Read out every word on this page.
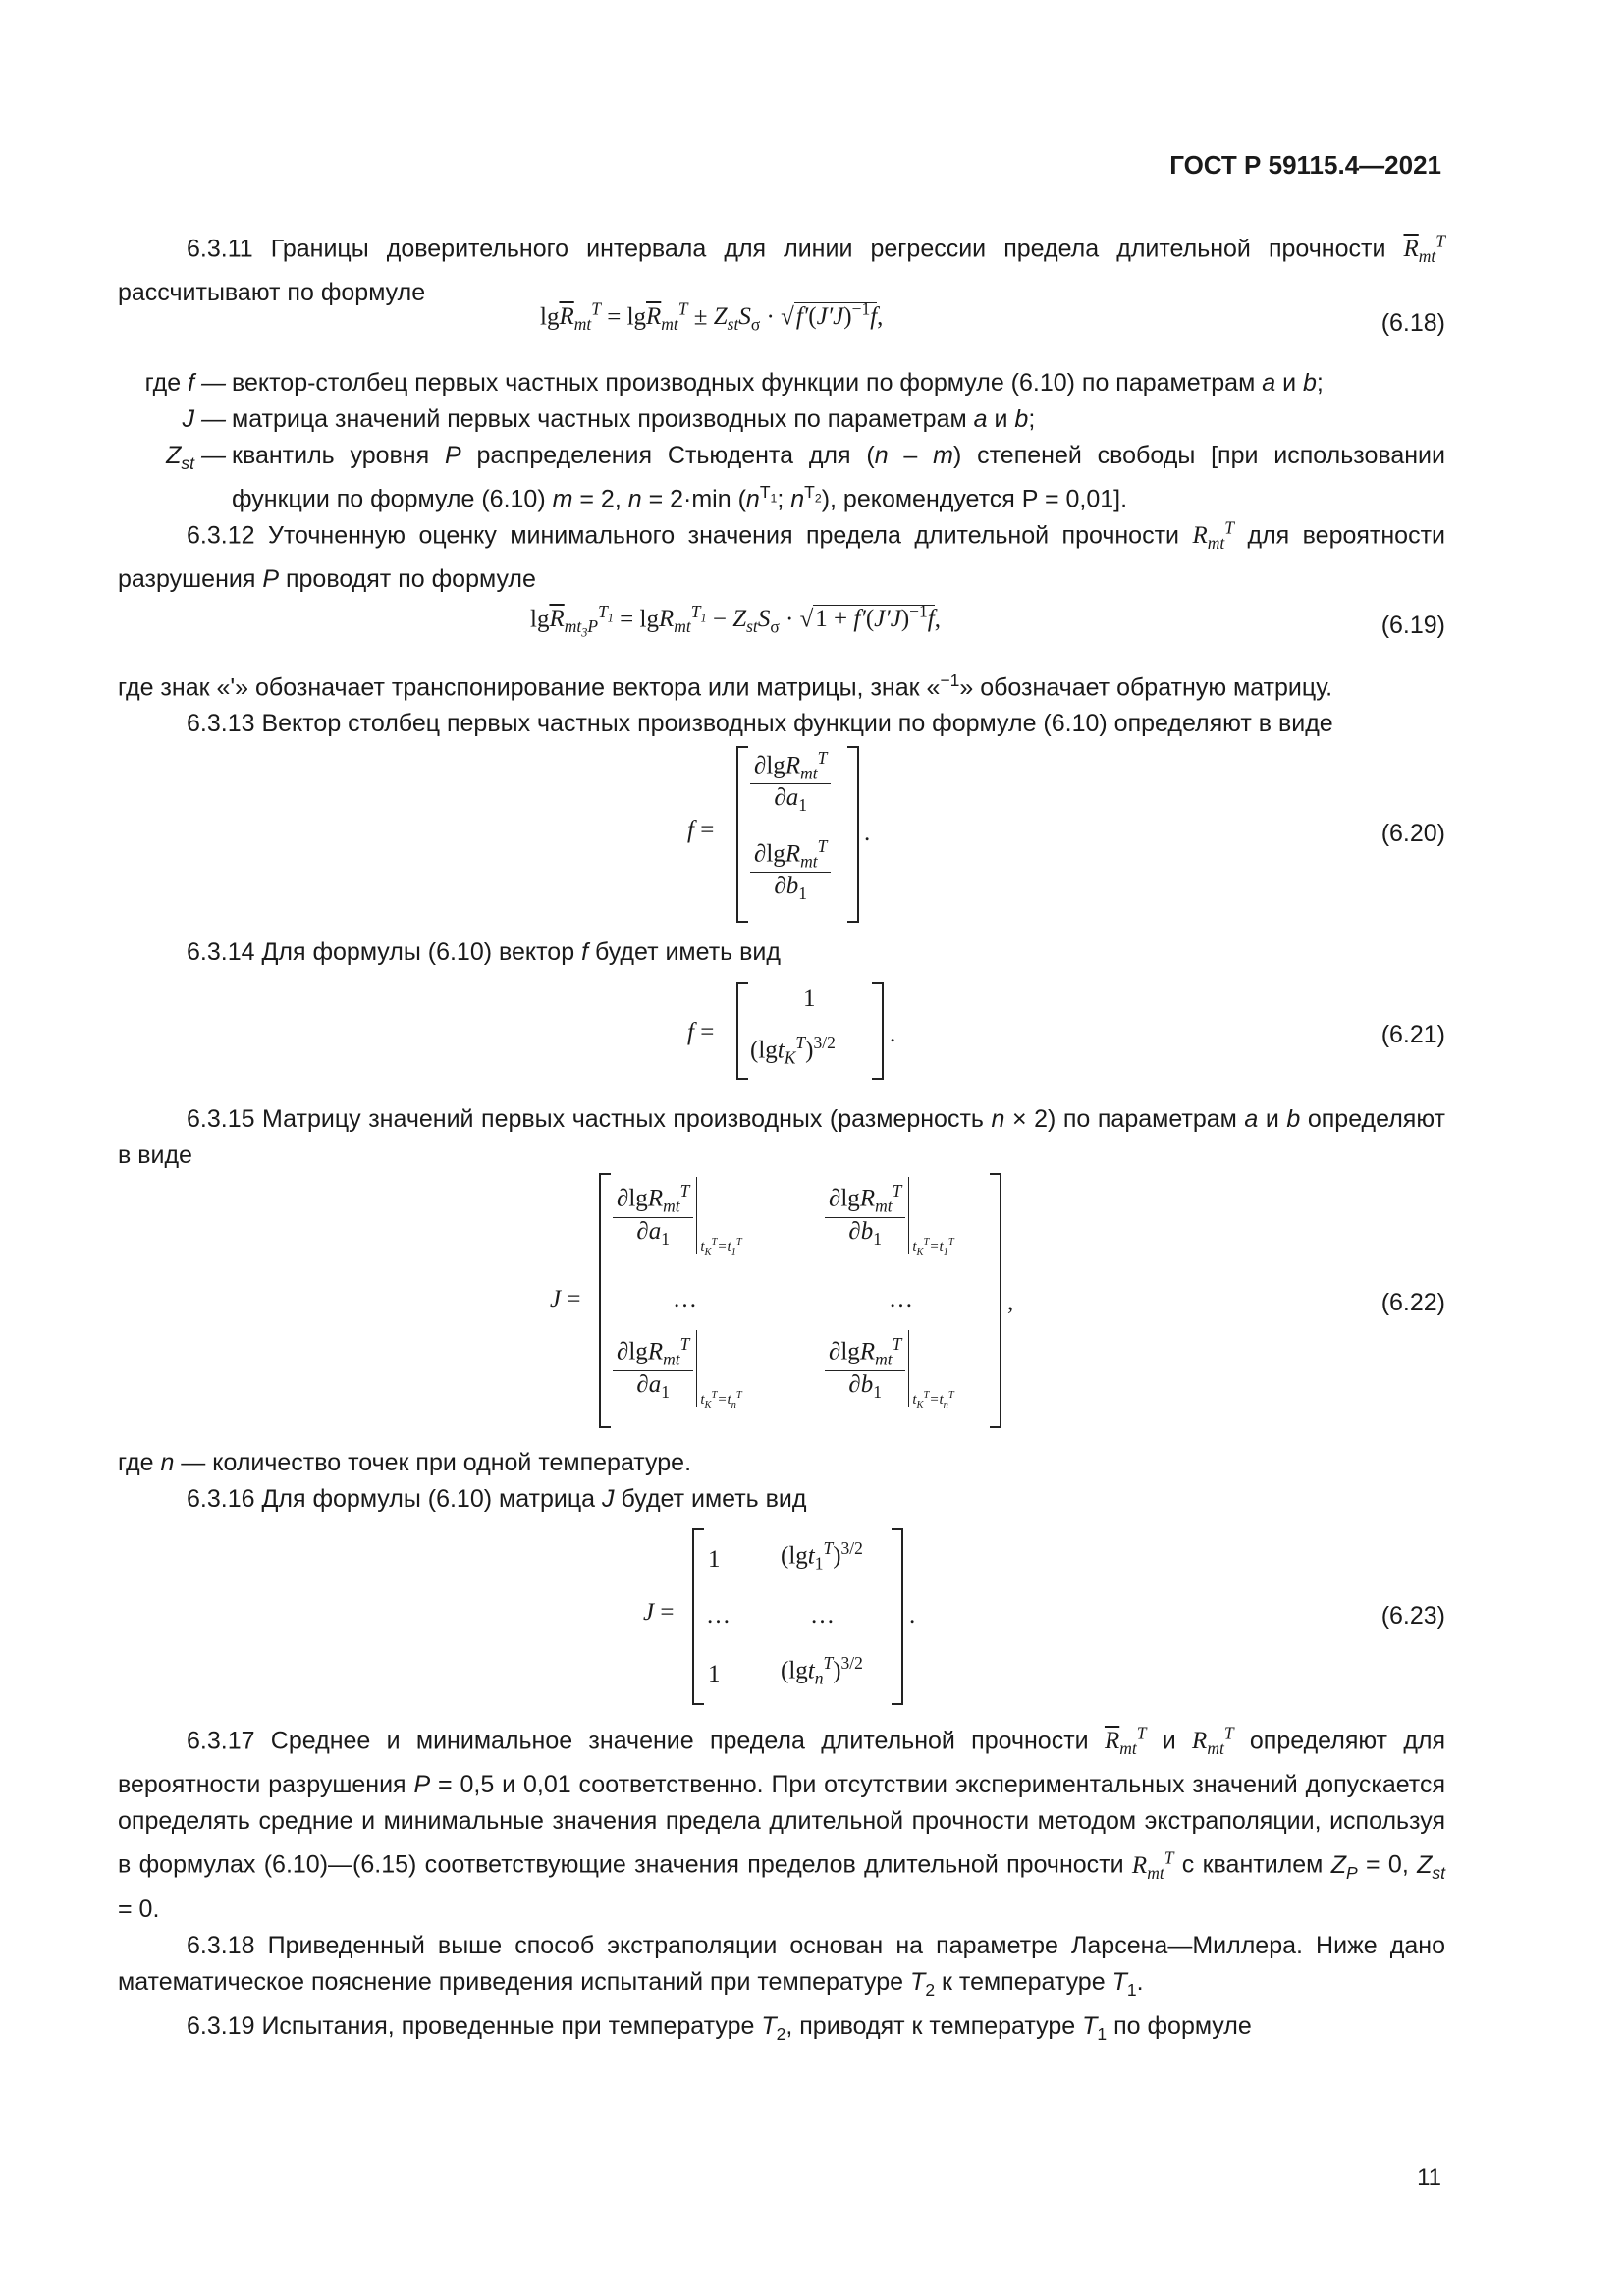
ГОСТ Р 59115.4—2021

6.3.11 Границы доверительного интервала для линии регрессии предела длительной прочности $\overline{R}_{mt}^T$ рассчитывают по формуле

$\lg\overline{R}_{mt}^T = \lg\overline{R}_{mt}^T \pm Z_{st}S_\sigma \cdot √f'(J'J)^{-1}f$,	(6.18)
где f — вектор-столбец первых частных производных функции по формуле (6.10) по параметрам a и b;
J — матрица значений первых частных производных по параметрам a и b;
$Z_{st}$ — квантиль уровня P распределения Стьюдента для (n – m) степеней свободы [при использовании функции по формуле (6.10) m = 2, n = 2·min ($n^{T_1}$; $n^{T_2}$), рекомендуется P = 0,01].

6.3.12 Уточненную оценку минимального значения предела длительной прочности $R_{mt}^T$ для вероятности разрушения P проводят по формуле

$\lg\overline{R}_{mt_3P}^{T_1} = \lg R_{mt}^{T_1} - Z_{st}S_\sigma \cdot √1 + f'(J'J)^{-1}f$,	(6.19)

где знак «'» обозначает транспонирование вектора или матрицы, знак «$^{-1}$» обозначает обратную матрицу.

6.3.13 Вектор столбец первых частных производных функции по формуле (6.10) определяют в виде

f =
$\frac{\partial\lg R_{mt}^T}{\partial a_1}$
$\frac{\partial\lg R_{mt}^T}{\partial b_1}$
.	(6.20)

6.3.14 Для формулы (6.10) вектор f будет иметь вид

f =
1
$(\lg t_K^T)^{3/2}$ .	(6.21)

6.3.15 Матрицу значений первых частных производных (размерность n × 2) по параметрам a и b определяют в виде

J =
$\frac{\partial\lg R_{mt}^T}{\partial a_1} t_K^T=t_1^T$	$\frac{\partial\lg R_{mt}^T}{\partial b_1} t_K^T=t_1^T$
…	…
$\frac{\partial\lg R_{mt}^T}{\partial a_1} t_K^T=t_n^T$	$\frac{\partial\lg R_{mt}^T}{\partial b_1} t_K^T=t_n^T$
,	(6.22)

где n — количество точек при одной температуре.

6.3.16 Для формулы (6.10) матрица J будет иметь вид

J =
1 $(\lg t_1^T)^{3/2}$
…	…
1 $(\lg t_n^T)^{3/2}$
.	(6.23)

6.3.17 Среднее и минимальное значение предела длительной прочности $\overline{R}_{mt}^T$ и $R_{mt}^T$ определяют для вероятности разрушения P = 0,5 и 0,01 соответственно. При отсутствии экспериментальных значений допускается определять средние и минимальные значения предела длительной прочности методом экстраполяции, используя в формулах (6.10)—(6.15) соответствующие значения пределов длительной прочности $R_{mt}^T$ с квантилем $Z_P = 0$, $Z_{st} = 0$.

6.3.18 Приведенный выше способ экстраполяции основан на параметре Ларсена—Миллера. Ниже дано математическое пояснение приведения испытаний при температуре $T_2$ к температуре $T_1$.

6.3.19 Испытания, проведенные при температуре $T_2$, приводят к температуре $T_1$ по формуле

11
